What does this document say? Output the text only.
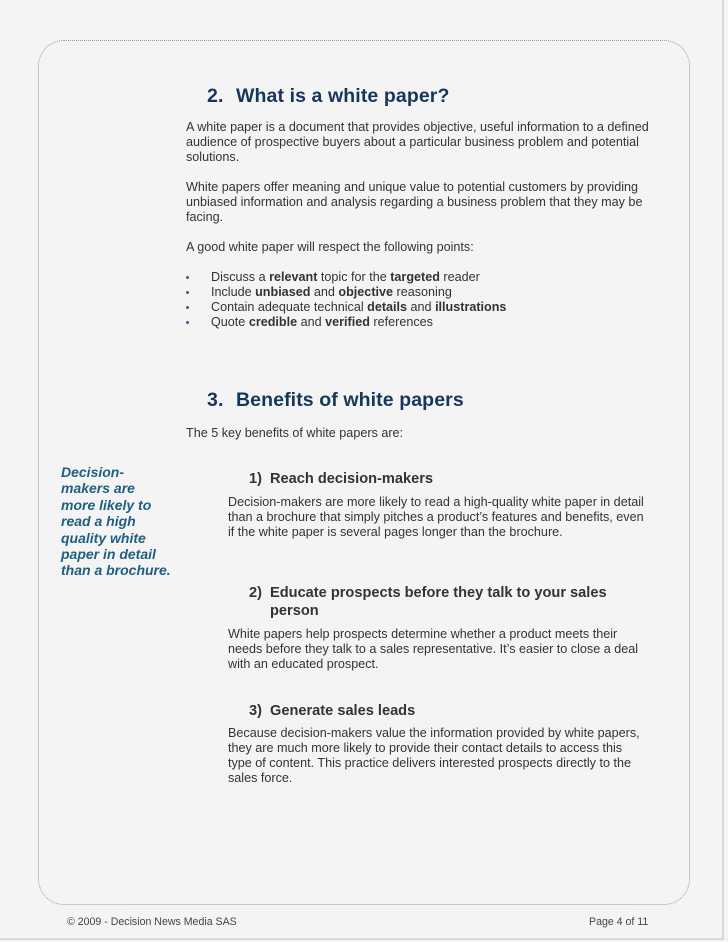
2. What is a white paper?
A white paper is a document that provides objective, useful information to a defined audience of prospective buyers about a particular business problem and potential solutions.
White papers offer meaning and unique value to potential customers by providing unbiased information and analysis regarding a business problem that they may be facing.
A good white paper will respect the following points:
Discuss a relevant topic for the targeted reader
Include unbiased and objective reasoning
Contain adequate technical details and illustrations
Quote credible and verified references
3. Benefits of white papers
The 5 key benefits of white papers are:
Decision-makers are more likely to read a high quality white paper in detail than a brochure.
1) Reach decision-makers
Decision-makers are more likely to read a high-quality white paper in detail than a brochure that simply pitches a product’s features and benefits, even if the white paper is several pages longer than the brochure.
2) Educate prospects before they talk to your sales person
White papers help prospects determine whether a product meets their needs before they talk to a sales representative. It’s easier to close a deal with an educated prospect.
3) Generate sales leads
Because decision-makers value the information provided by white papers, they are much more likely to provide their contact details to access this type of content. This practice delivers interested prospects directly to the sales force.
© 2009 - Decision News Media SAS	Page 4 of 11
